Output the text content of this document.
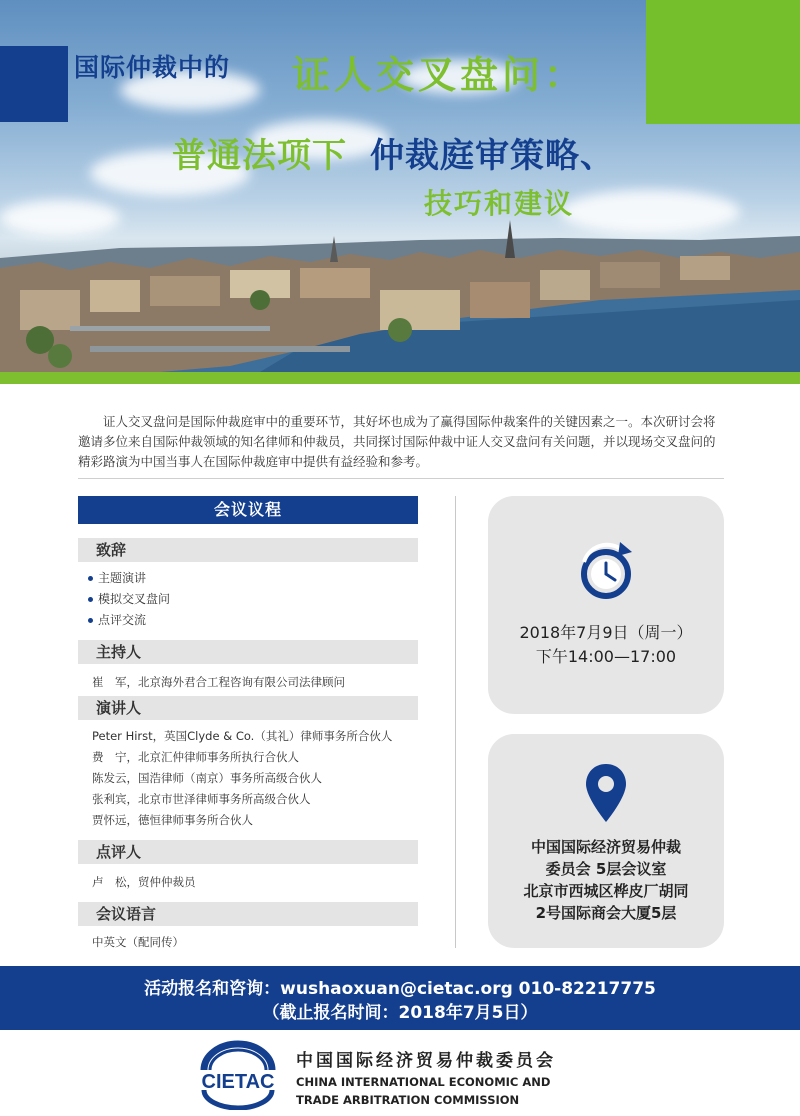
国际仲裁中的 证人交叉盘问：
普通法项下 仲裁庭审策略、
技巧和建议

证人交叉盘问是国际仲裁庭审中的重要环节，其好坏也成为了赢得国际仲裁案件的关键因素之一。本次研讨会将邀请多位来自国际仲裁领域的知名律师和仲裁员，共同探讨国际仲裁中证人交叉盘问有关问题，并以现场交叉盘问的精彩路演为中国当事人在国际仲裁庭审中提供有益经验和参考。

会议议程
致辞
主题演讲
模拟交叉盘问
点评交流
主持人
崔　军，北京海外君合工程咨询有限公司法律顾问
演讲人
Peter Hirst，英国Clyde & Co.（其礼）律师事务所合伙人
费　宁，北京汇仲律师事务所执行合伙人
陈发云，国浩律师（南京）事务所高级合伙人
张利宾，北京市世泽律师事务所高级合伙人
贾怀远，德恒律师事务所合伙人
点评人
卢　松，贸仲仲裁员
会议语言
中英文（配同传）
2018年7月9日（周一）
下午14:00—17:00
中国国际经济贸易仲裁
委员会 5层会议室
北京市西城区桦皮厂胡同
2号国际商会大厦5层
活动报名和咨询：wushaoxuan@cietac.org 010-82217775
（截止报名时间：2018年7月5日）
CIETAC
中国国际经济贸易仲裁委员会
CHINA INTERNATIONAL ECONOMIC AND
TRADE ARBITRATION COMMISSION
